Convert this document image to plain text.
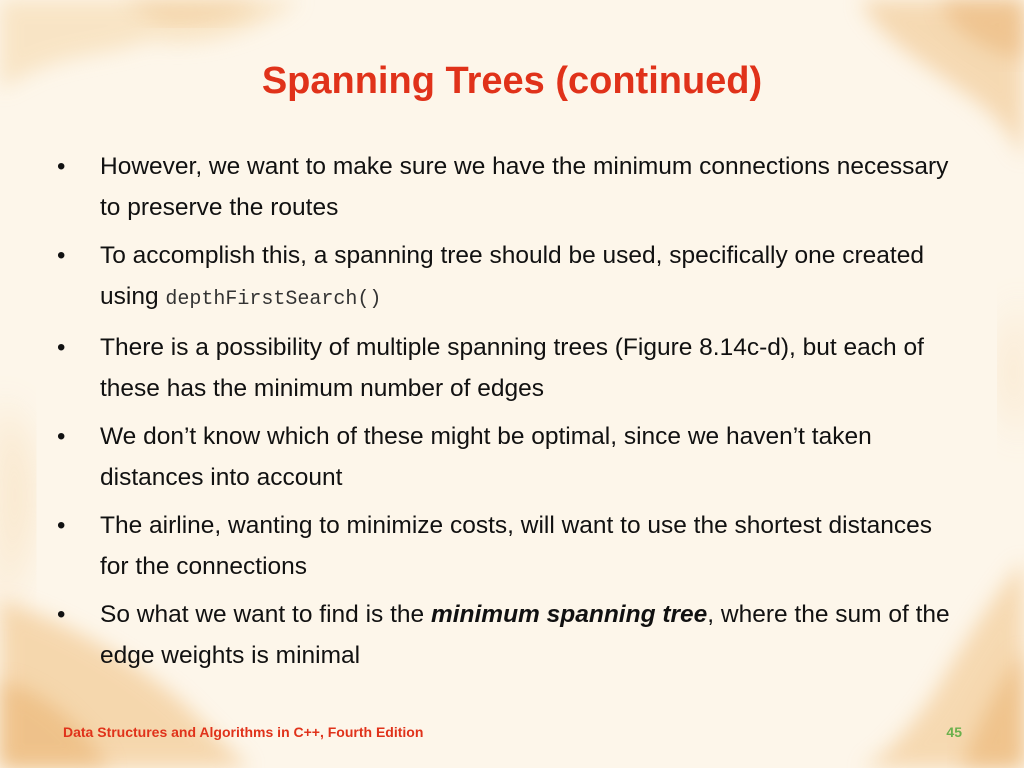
Spanning Trees (continued)
•	However, we want to make sure we have the minimum connections necessary to preserve the routes
•	To accomplish this, a spanning tree should be used, specifically one created using depthFirstSearch()
•	There is a possibility of multiple spanning trees (Figure 8.14c-d), but each of these has the minimum number of edges
•	We don’t know which of these might be optimal, since we haven’t taken distances into account
•	The airline, wanting to minimize costs, will want to use the shortest distances for the connections
•	So what we want to find is the minimum spanning tree, where the sum of the edge weights is minimal
Data Structures and Algorithms in C++, Fourth Edition	45
